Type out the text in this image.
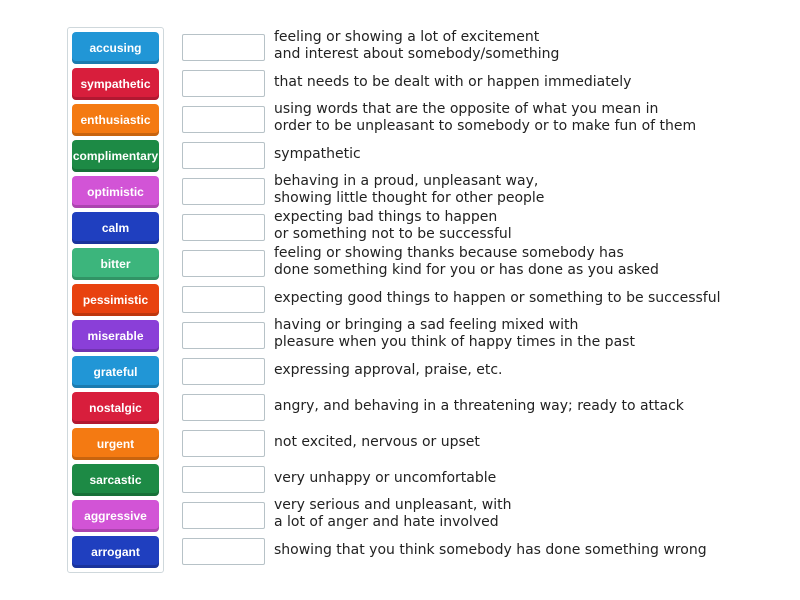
accusing
sympathetic
enthusiastic
complimentary
optimistic
calm
bitter
pessimistic
miserable
grateful
nostalgic
urgent
sarcastic
aggressive
arrogant
feeling or showing a lot of excitement
and interest about somebody/something
that needs to be dealt with or happen immediately
using words that are the opposite of what you mean in
order to be unpleasant to somebody or to make fun of them
sympathetic
behaving in a proud, unpleasant way,
showing little thought for other people
expecting bad things to happen
or something not to be successful
feeling or showing thanks because somebody has
done something kind for you or has done as you asked
expecting good things to happen or something to be successful
having or bringing a sad feeling mixed with
pleasure when you think of happy times in the past
expressing approval, praise, etc.
angry, and behaving in a threatening way; ready to attack
not excited, nervous or upset
very unhappy or uncomfortable
very serious and unpleasant, with
a lot of anger and hate involved
showing that you think somebody has done something wrong
